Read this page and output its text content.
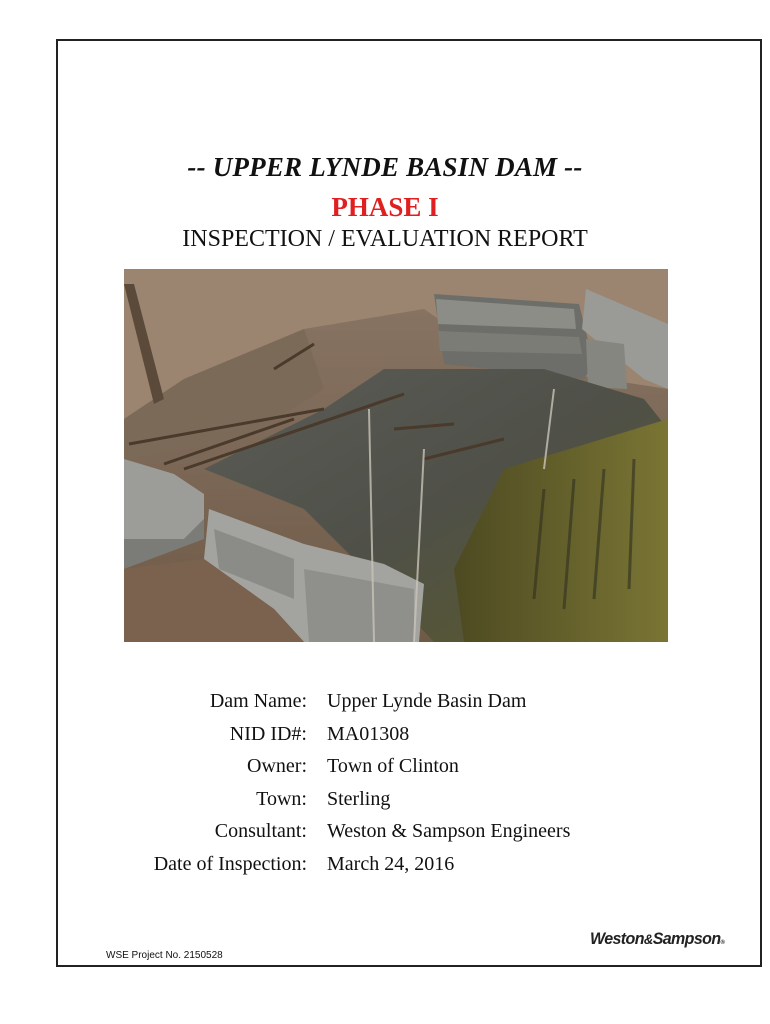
-- UPPER LYNDE BASIN DAM --
PHASE I
INSPECTION / EVALUATION REPORT
Dam Name: Upper Lynde Basin Dam
NID ID#: MA01308
Owner: Town of Clinton
Town: Sterling
Consultant: Weston & Sampson Engineers
Date of Inspection: March 24, 2016
WSE Project No. 2150528
Weston&Sampson®
